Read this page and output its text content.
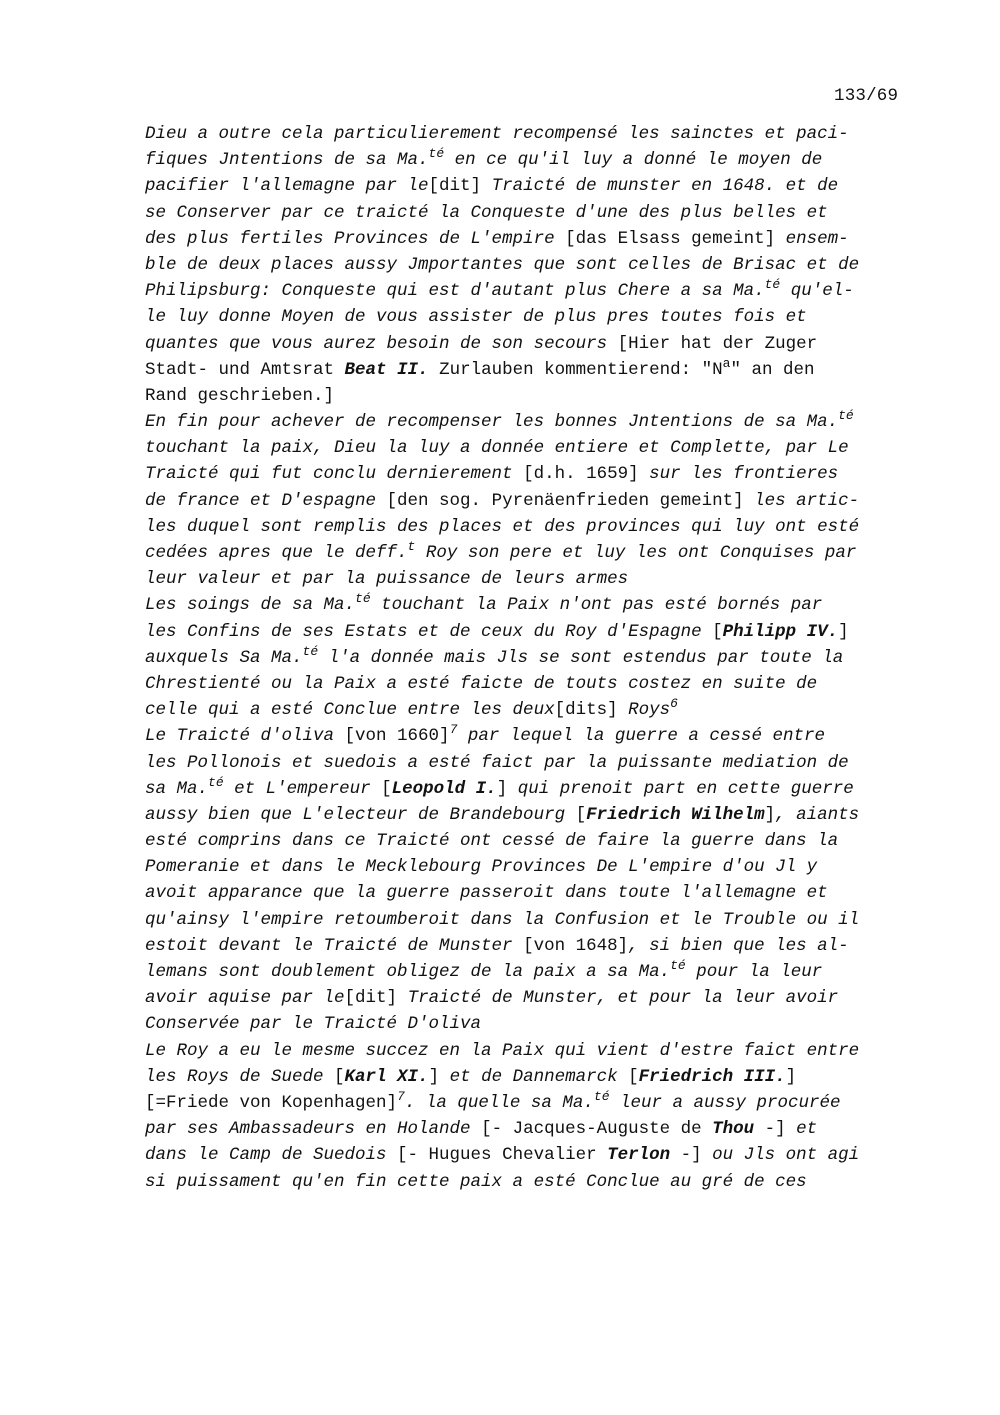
133/69
Dieu a outre cela particulierement recompensé les sainctes et paci-
fiques Jntentions de sa Ma.$^{té}$ en ce qu'il luy a donné le moyen de
pacifier l'allemagne par le[dit] Traicté de munster en 1648. et de
se Conserver par ce traicté la Conqueste d'une des plus belles et
des plus fertiles Provinces de L'empire [das Elsass gemeint] ensem-
ble de deux places aussy Jmportantes que sont celles de Brisac et de
Philipsburg: Conqueste qui est d'autant plus Chere a sa Ma.$^{té}$ qu'el-
le luy donne Moyen de vous assister de plus pres toutes fois et
quantes que vous aurez besoin de son secours [Hier hat der Zuger
Stadt- und Amtsrat Beat II. Zurlauben kommentierend: "$N^a$" an den
Rand geschrieben.]
En fin pour achever de recompenser les bonnes Jntentions de sa Ma.$^{té}$
touchant la paix, Dieu la luy a donnée entiere et Complette, par Le
Traicté qui fut conclu dernierement [d.h. 1659] sur les frontieres
de france et D'espagne [den sog. Pyrenäenfrieden gemeint] les artic-
les duquel sont remplis des places et des provinces qui luy ont esté
cedées apres que le deff.$^t$ Roy son pere et luy les ont Conquises par
leur valeur et par la puissance de leurs armes
Les soings de sa Ma.$^{té}$ touchant la Paix n'ont pas esté bornés par
les Confins de ses Estats et de ceux du Roy d'Espagne [Philipp IV.]
auxquels Sa Ma.$^{té}$ l'a donnée mais Jls se sont estendus par toute la
Chrestienté ou la Paix a esté faicte de touts costez en suite de
celle qui a esté Conclue entre les deux[dits] Roys$^6$
Le Traicté d'oliva [von 1660]$^7$ par lequel la guerre a cessé entre
les Pollonois et suedois a esté faict par la puissante mediation de
sa Ma.$^{té}$ et L'empereur [Leopold I.] qui prenoit part en cette guerre
aussy bien que L'electeur de Brandebourg [Friedrich Wilhelm], aiants
esté comprins dans ce Traicté ont cessé de faire la guerre dans la
Pomeranie et dans le Mecklebourg Provinces De L'empire d'ou Jl y
avoit apparance que la guerre passeroit dans toute l'allemagne et
qu'ainsy l'empire retoumberoit dans la Confusion et le Trouble ou il
estoit devant le Traicté de Munster [von 1648], si bien que les al-
lemans sont doublement obligez de la paix a sa Ma.$^{té}$ pour la leur
avoir aquise par le[dit] Traicté de Munster, et pour la leur avoir
Conservée par le Traicté D'oliva
Le Roy a eu le mesme succez en la Paix qui vient d'estre faict entre
les Roys de Suede [Karl XI.] et de Dannemarck [Friedrich III.]
[=Friede von Kopenhagen]$^7$. la quelle sa Ma.$^{té}$ leur a aussy procurée
par ses Ambassadeurs en Holande [- Jacques-Auguste de Thou -] et
dans le Camp de Suedois [- Hugues Chevalier Terlon -] ou Jls ont agi
si puissament qu'en fin cette paix a esté Conclue au gré de ces
